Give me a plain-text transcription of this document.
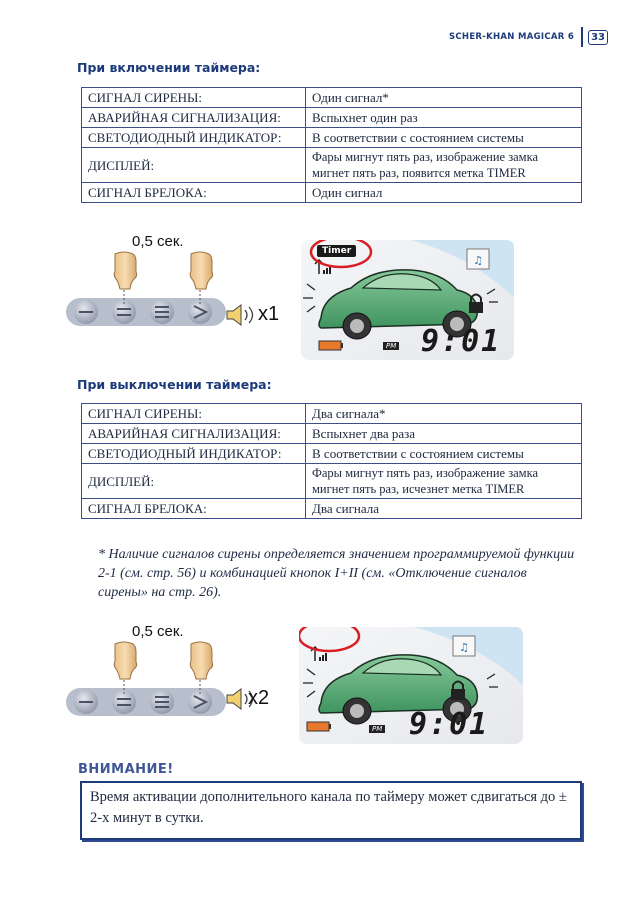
SCHER-KHAN MAGICAR 6	33
При включении таймера:
СИГНАЛ СИРЕНЫ:	Один сигнал*
АВАРИЙНАЯ СИГНАЛИЗАЦИЯ:	Вспыхнет один раз
СВЕТОДИОДНЫЙ ИНДИКАТОР:	В соответствии с состоянием системы
ДИСПЛЕЙ:	Фары мигнут пять раз, изображение замка мигнет пять раз, появится метка TIMER
СИГНАЛ БРЕЛОКА:	Один сигнал
0,5 сек.
x1
♫
Timer
PM 9:01
При выключении таймера:
СИГНАЛ СИРЕНЫ:	Два сигнала*
АВАРИЙНАЯ СИГНАЛИЗАЦИЯ:	Вспыхнет два раза
СВЕТОДИОДНЫЙ ИНДИКАТОР:	В соответствии с состоянием системы
ДИСПЛЕЙ:	Фары мигнут пять раз, изображение замка мигнет пять раз, исчезнет метка TIMER
СИГНАЛ БРЕЛОКА:	Два сигнала
* Наличие сигналов сирены определяется значением программируемой функции 2-1 (см. стр. 56) и комбинацией кнопок I+II (см. «Отключение сигналов сирены» на стр. 26).
0,5 сек.
x2
♫
PM 9:01
ВНИМАНИЕ!
Время активации дополнительного канала по таймеру может сдвигаться до ± 2-х минут в сутки.
